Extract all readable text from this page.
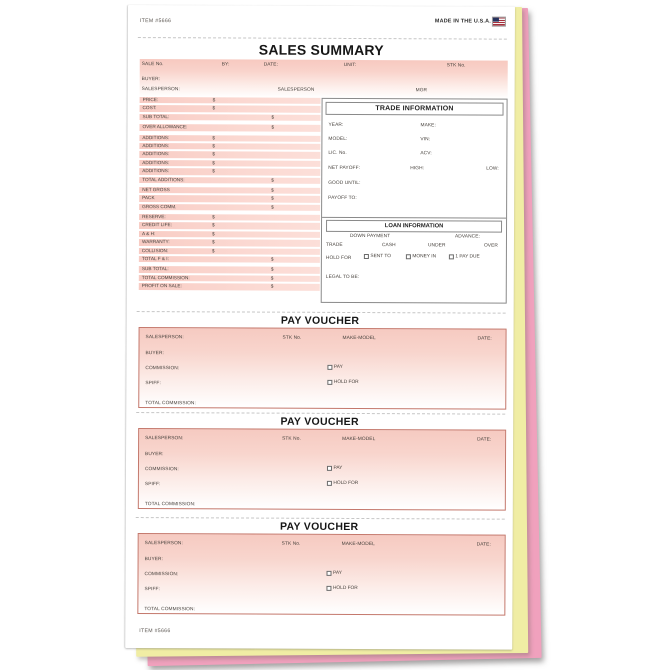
ITEM #5666	MADE IN THE U.S.A.
SALES SUMMARY
SALE No.	BY:	DATE:	UNIT:	STK No.
BUYER:
SALESPERSON:	SALESPERSON	MGR
PRICE:	$
COST:	$
SUB TOTAL:	$
OVER ALLOWANCE:	$
ADDITIONS:	$
ADDITIONS:	$
ADDITIONS:	$
ADDITIONS:	$
ADDITIONS:	$
TOTAL ADDITIONS:	$
NET GROSS	$
PACK	$
GROSS COMM.	$
RESERVE:	$
CREDIT LIFE:	$
A & H:	$
WARRANTY:	$
COLLISION:	$
TOTAL F & I:	$
SUB TOTAL:	$
TOTAL COMMISSION:	$
PROFIT ON SALE:	$
TRADE INFORMATION
YEAR:	MAKE:
MODEL:	VIN:
LIC. No.	ACV:
NET PAYOFF:	HIGH:	LOW:
GOOD UNTIL:
PAYOFF TO:
LOAN INFORMATION
DOWN PAYMENT	ADVANCE:
TRADE	CASH	UNDER	OVER
HOLD FOR	SENT TO	MONEY IN	1 PAY DUE
LEGAL TO BE:
PAY VOUCHER
SALESPERSON:	STK No.	MAKE-MODEL	DATE:
BUYER:
COMMISSION:	PAY
SPIFF:	HOLD FOR
TOTAL COMMISSION:
PAY VOUCHER
SALESPERSON:	STK No.	MAKE-MODEL	DATE:
BUYER:
COMMISSION:	PAY
SPIFF:	HOLD FOR
TOTAL COMMISSION:
PAY VOUCHER
SALESPERSON:	STK No.	MAKE-MODEL	DATE:
BUYER:
COMMISSION:	PAY
SPIFF:	HOLD FOR
TOTAL COMMISSION:
ITEM #5666
